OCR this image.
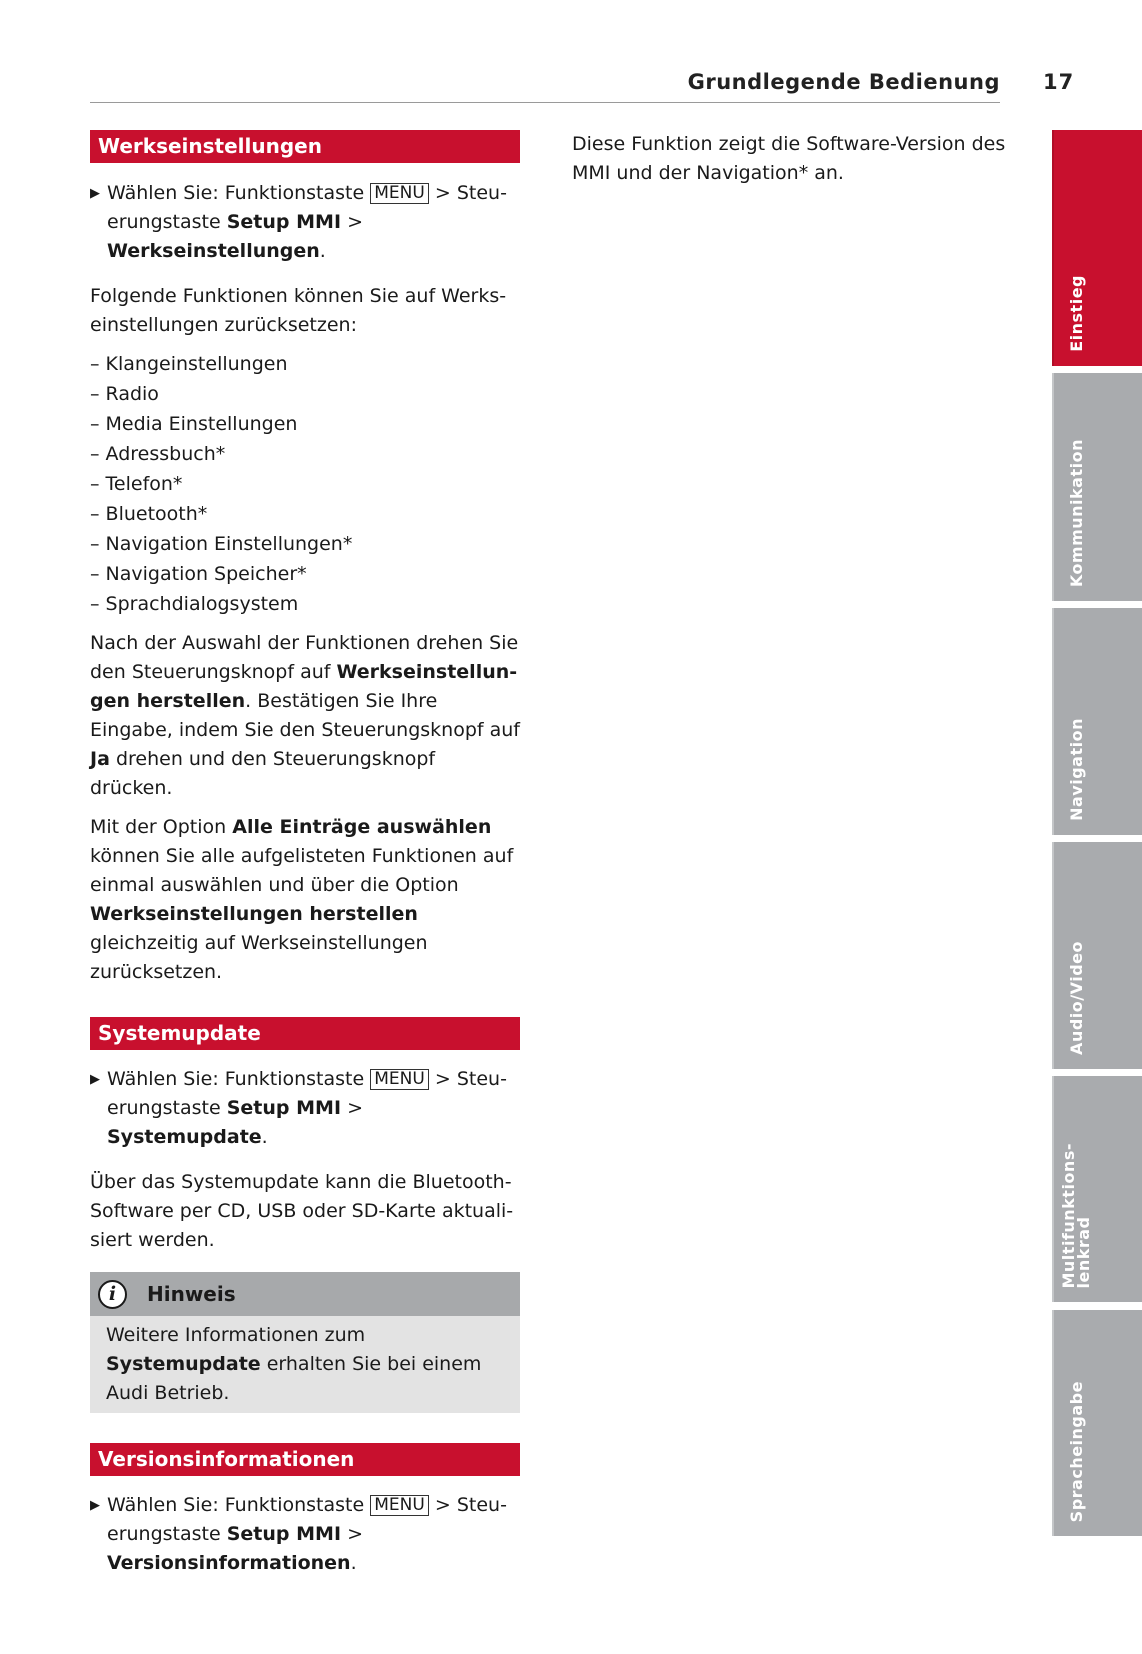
Grundlegende Bedienung 17
Werkseinstellungen

▶ Wählen Sie: Funktionstaste MENU > Steuerungstaste Setup MMI > Werkseinstellungen.

Folgende Funktionen können Sie auf Werkseinstellungen zurücksetzen:

– Klangeinstellungen
– Radio
– Media Einstellungen
– Adressbuch*
– Telefon*
– Bluetooth*
– Navigation Einstellungen*
– Navigation Speicher*
– Sprachdialogsystem

Nach der Auswahl der Funktionen drehen Sie den Steuerungsknopf auf Werkseinstellungen herstellen. Bestätigen Sie Ihre Eingabe, indem Sie den Steuerungsknopf auf Ja drehen und den Steuerungsknopf drücken.

Mit der Option Alle Einträge auswählen können Sie alle aufgelisteten Funktionen auf einmal auswählen und über die Option Werkseinstellungen herstellen gleichzeitig auf Werkseinstellungen zurücksetzen.

Systemupdate

▶ Wählen Sie: Funktionstaste MENU > Steuerungstaste Setup MMI > Systemupdate.

Über das Systemupdate kann die Bluetooth-Software per CD, USB oder SD-Karte aktualisiert werden.

i	Hinweis
Weitere Informationen zum Systemupdate erhalten Sie bei einem Audi Betrieb.
Versionsinformationen

▶ Wählen Sie: Funktionstaste MENU > Steuerungstaste Setup MMI > Versionsinformationen.

Diese Funktion zeigt die Software-Version des MMI und der Navigation* an.

Einstieg
Kommunikation
Navigation
Audio/Video
Multifunktions-
lenkrad
Spracheingabe
